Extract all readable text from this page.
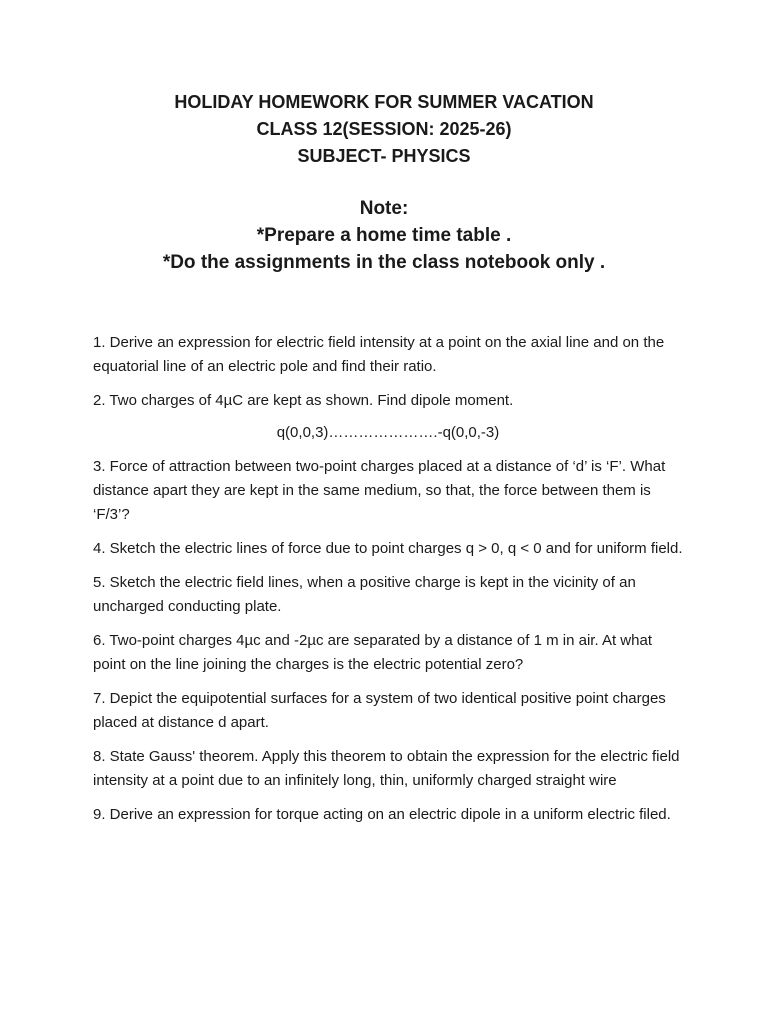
HOLIDAY HOMEWORK FOR SUMMER VACATION
CLASS 12(SESSION: 2025-26)
SUBJECT- PHYSICS
Note:
*Prepare a home time table .
*Do the assignments in the class notebook only .

1. Derive an expression for electric field intensity at a point on the axial line and on the equatorial line of an electric pole and find their ratio.

2. Two charges of 4µC are kept as shown. Find dipole moment.

q(0,0,3)………………….-q(0,0,-3)

3. Force of attraction between two-point charges placed at a distance of ‘d’ is ‘F’. What distance apart they are kept in the same medium, so that, the force between them is ‘F/3’?

4. Sketch the electric lines of force due to point charges q > 0, q < 0 and for uniform field.

5. Sketch the electric field lines, when a positive charge is kept in the vicinity of an uncharged conducting plate.

6. Two-point charges 4µc and -2µc are separated by a distance of 1 m in air. At what point on the line joining the charges is the electric potential zero?

7. Depict the equipotential surfaces for a system of two identical positive point charges placed at distance d apart.

8. State Gauss' theorem. Apply this theorem to obtain the expression for the electric field intensity at a point due to an infinitely long, thin, uniformly charged straight wire

9. Derive an expression for torque acting on an electric dipole in a uniform electric filed.
